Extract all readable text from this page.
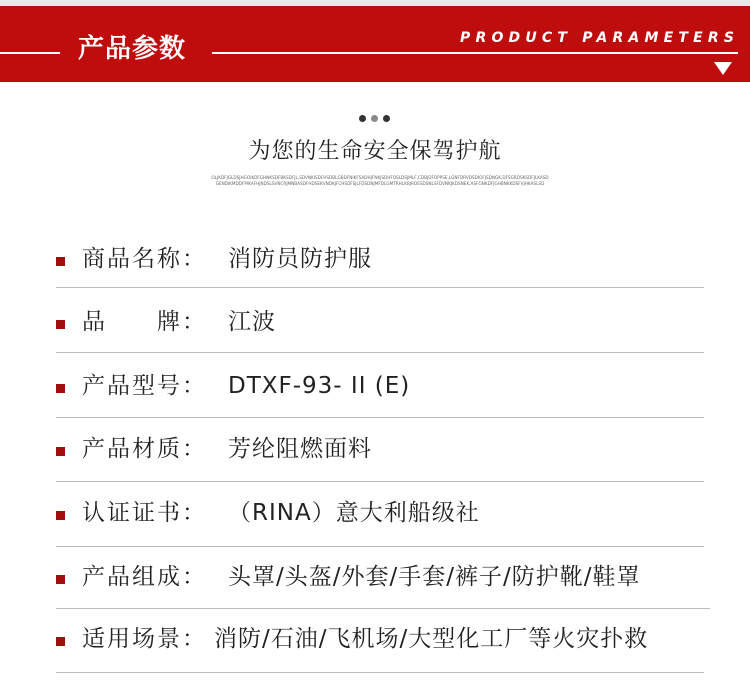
产品参数	PRODUCT PARAMETERS
为您的生命安全保驾护航
OLJKDFJGLDSJHGOIKDFGHNKSDFBKSDFJL,SDVNKISDFHSDBLGBDFNIKFSADHJFNKJSDHFOSLDSJMLF,CDBJDFOPPSE,LGNFDRVDSDIOFJSDNGK,DFSGRDSKSDFJLKASDGENDIKMDDFPIKAFHJNDSLSVNCRJMNBASDFHDSEKVNDKJFCHSDFSJLFDSDNJMFDLGMTRHLKBJROESDSNLSFDVNKJKDSNEK,ASFGNKDFJGHBNKKDSFVJHKASLSD
商品名称： 消防员防护服
品　　牌： 江波
产品型号： DTXF-93- II (E)
产品材质： 芳纶阻燃面料
认证证书： （RINA）意大利船级社
产品组成： 头罩/头盔/外套/手套/裤子/防护靴/鞋罩
适用场景： 消防/石油/飞机场/大型化工厂等火灾扑救
